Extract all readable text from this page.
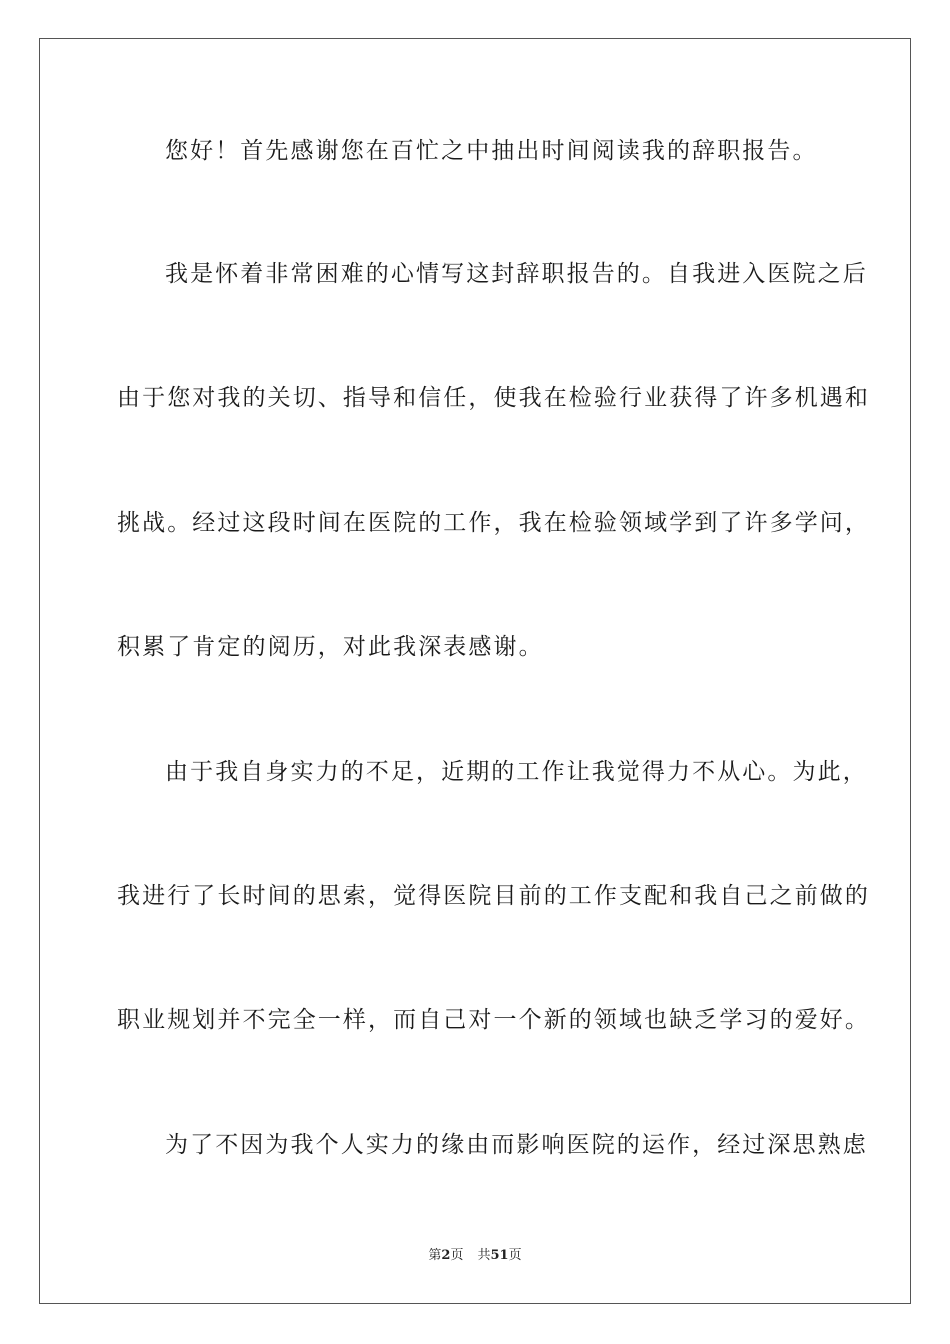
您好！首先感谢您在百忙之中抽出时间阅读我的辞职报告。
我是怀着非常困难的心情写这封辞职报告的。自我进入医院之后
由于您对我的关切、指导和信任，使我在检验行业获得了许多机遇和
挑战。经过这段时间在医院的工作，我在检验领域学到了许多学问，
积累了肯定的阅历，对此我深表感谢。
由于我自身实力的不足，近期的工作让我觉得力不从心。为此，
我进行了长时间的思索，觉得医院目前的工作支配和我自己之前做的
职业规划并不完全一样，而自己对一个新的领域也缺乏学习的爱好。
为了不因为我个人实力的缘由而影响医院的运作，经过深思熟虑
第2页 共51页
